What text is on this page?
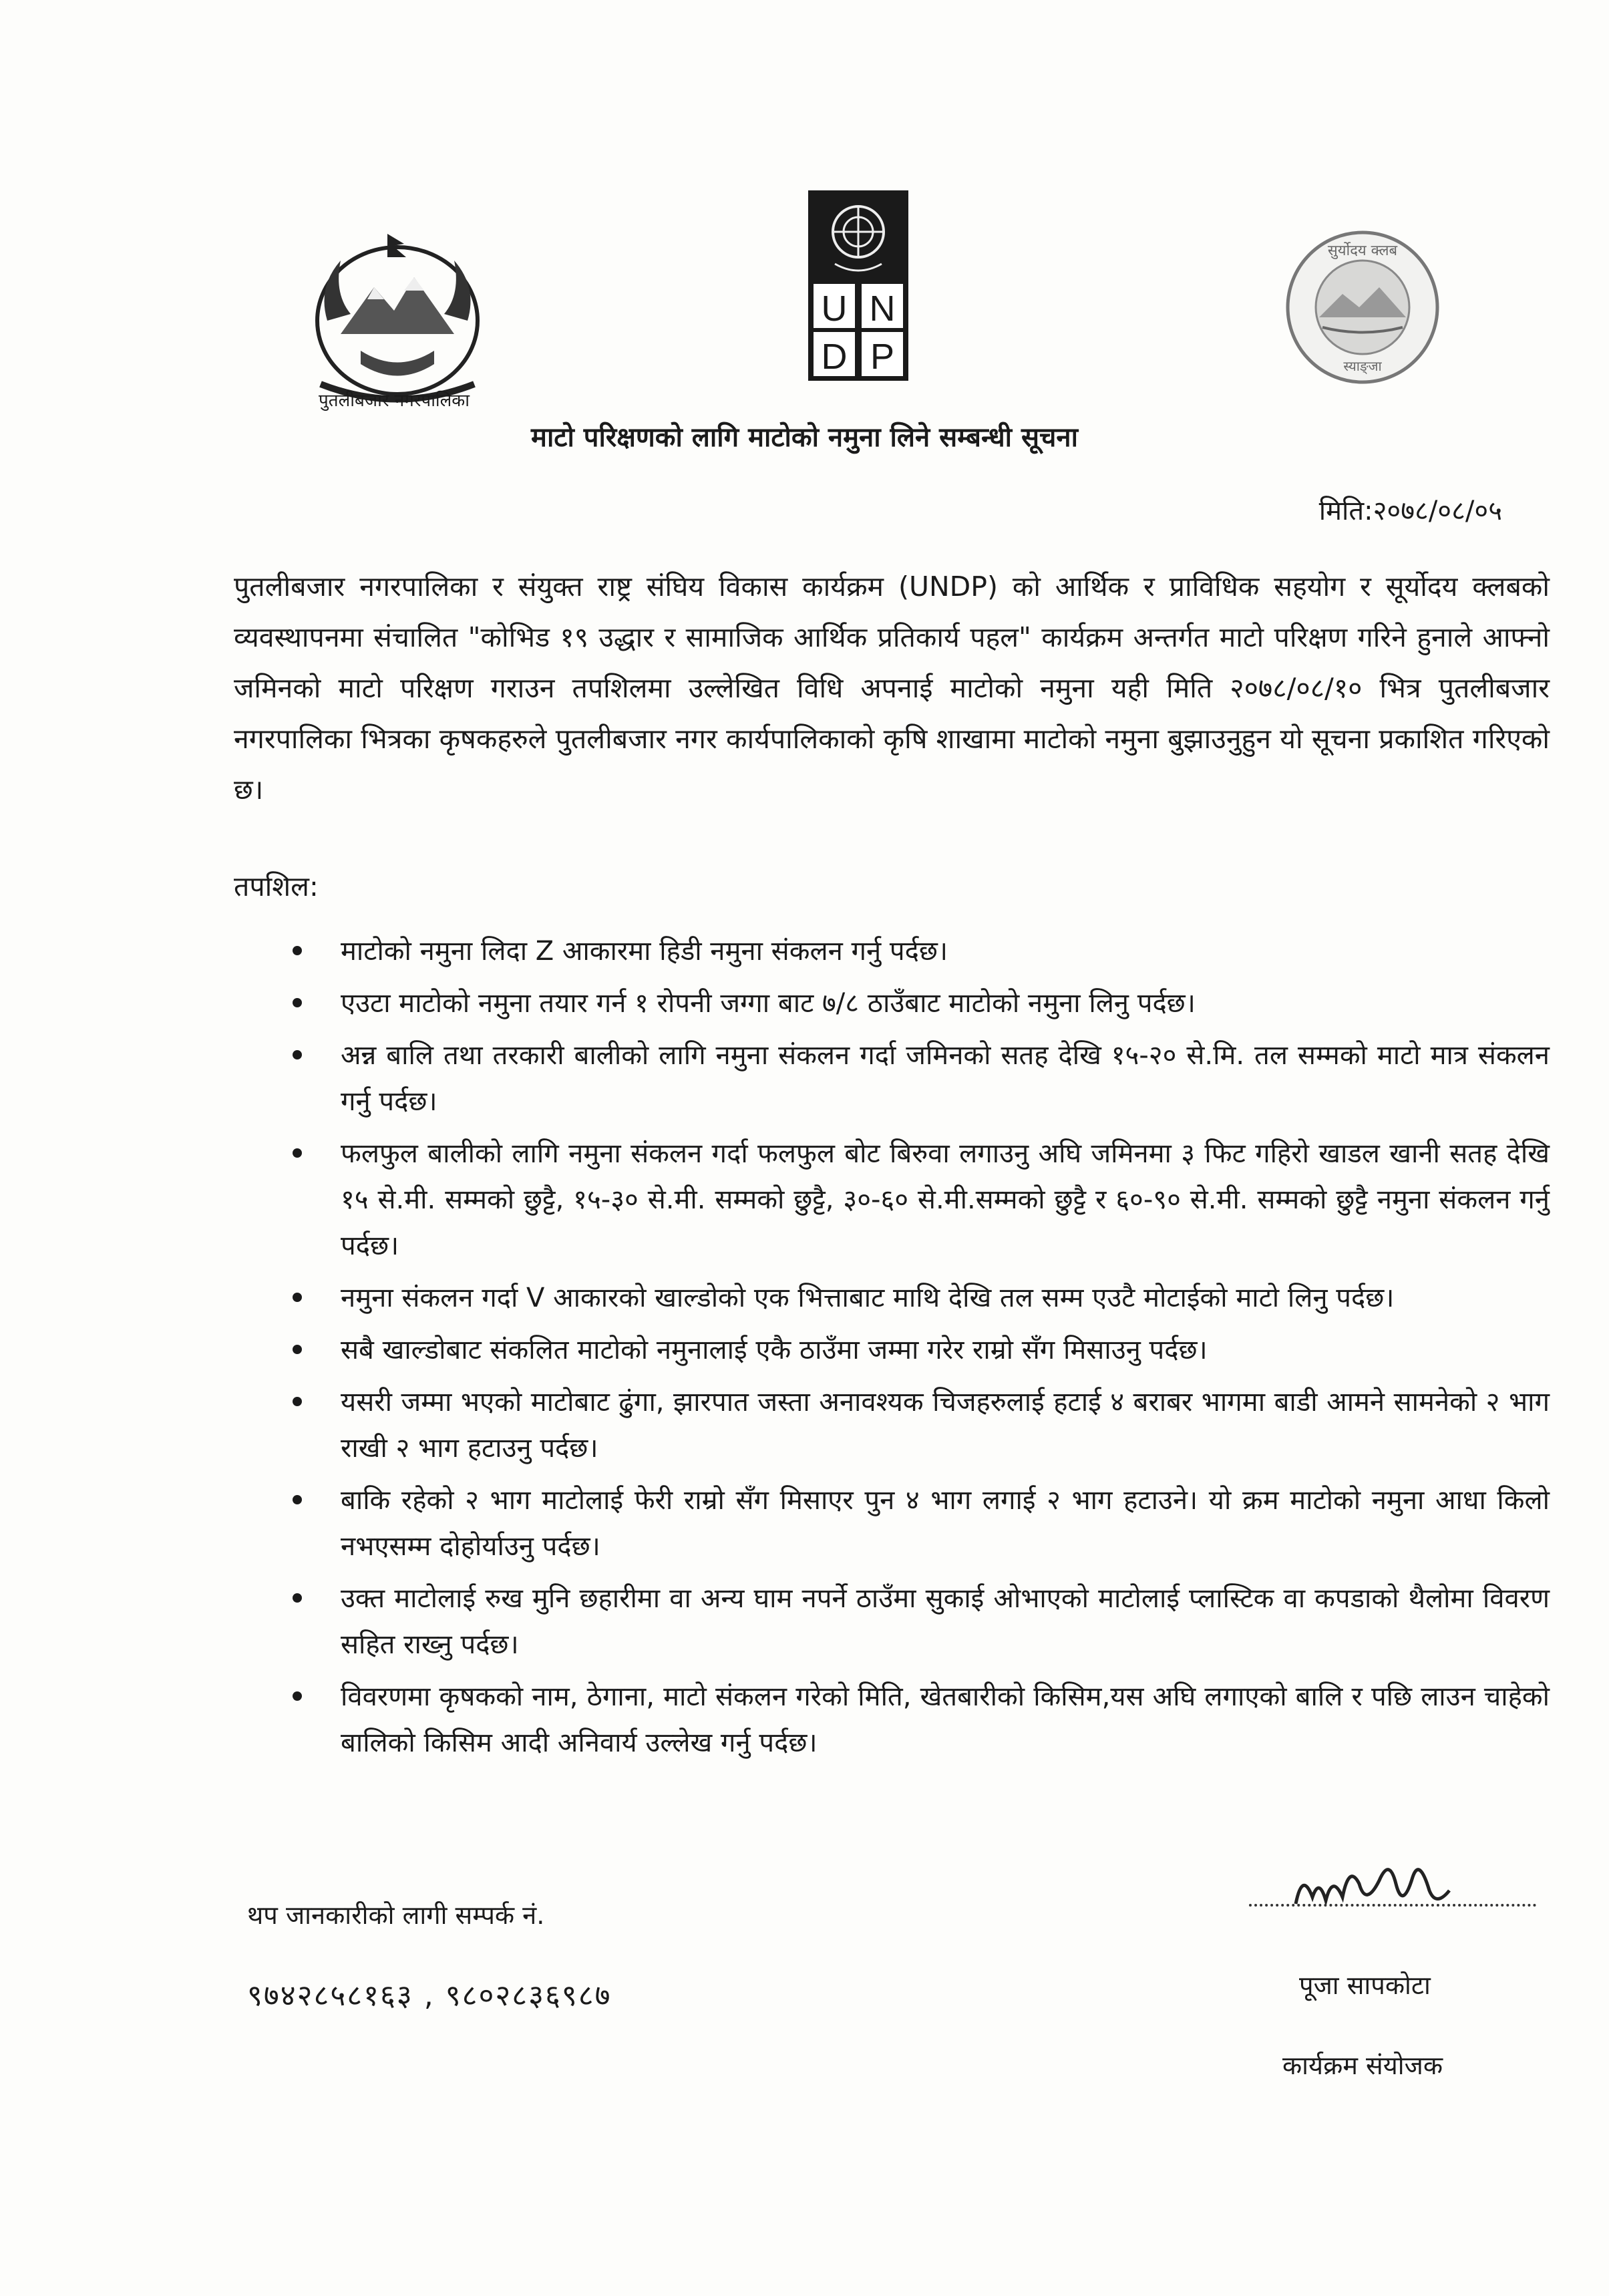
पुतलीबजार नगरपालिका
U N
D P
सुर्योदय क्लब
स्याङ्जा
माटो परिक्षणको लागि माटोको नमुना लिने सम्बन्धी सूचना
मिति:२०७८/०८/०५
पुतलीबजार नगरपालिका र संयुक्त राष्ट्र संघिय विकास कार्यक्रम (UNDP) को आर्थिक र प्राविधिक सहयोग र सूर्योदय क्लबको व्यवस्थापनमा संचालित "कोभिड १९ उद्धार र सामाजिक आर्थिक प्रतिकार्य पहल" कार्यक्रम अन्तर्गत माटो परिक्षण गरिने हुनाले आफ्नो जमिनको माटो परिक्षण गराउन तपशिलमा उल्लेखित विधि अपनाई माटोको नमुना यही मिति २०७८/०८/१० भित्र पुतलीबजार नगरपालिका भित्रका कृषकहरुले पुतलीबजार नगर कार्यपालिकाको कृषि शाखामा माटोको नमुना बुझाउनुहुन यो सूचना प्रकाशित गरिएको छ।
तपशिल:
माटोको नमुना लिदा Z आकारमा हिडी नमुना संकलन गर्नु पर्दछ।
एउटा माटोको नमुना तयार गर्न १ रोपनी जग्गा बाट ७/८ ठाउँबाट माटोको नमुना लिनु पर्दछ।
अन्न बालि तथा तरकारी बालीको लागि नमुना संकलन गर्दा जमिनको सतह देखि १५-२० से.मि. तल सम्मको माटो मात्र संकलन गर्नु पर्दछ।
फलफुल बालीको लागि नमुना संकलन गर्दा फलफुल बोट बिरुवा लगाउनु अघि जमिनमा ३ फिट गहिरो खाडल खानी सतह देखि १५ से.मी. सम्मको छुट्टै, १५-३० से.मी. सम्मको छुट्टै, ३०-६० से.मी.सम्मको छुट्टै र ६०-९० से.मी. सम्मको छुट्टै नमुना संकलन गर्नु पर्दछ।
नमुना संकलन गर्दा V आकारको खाल्डोको एक भित्ताबाट माथि देखि तल सम्म एउटै मोटाईको माटो लिनु पर्दछ।
सबै खाल्डोबाट संकलित माटोको नमुनालाई एकै ठाउँमा जम्मा गरेर राम्रो सँग मिसाउनु पर्दछ।
यसरी जम्मा भएको माटोबाट ढुंगा, झारपात जस्ता अनावश्यक चिजहरुलाई हटाई ४ बराबर भागमा बाडी आमने सामनेको २ भाग राखी २ भाग हटाउनु पर्दछ।
बाकि रहेको २ भाग माटोलाई फेरी राम्रो सँग मिसाएर पुन ४ भाग लगाई २ भाग हटाउने। यो क्रम माटोको नमुना आधा किलो नभएसम्म दोहोर्याउनु पर्दछ।
उक्त माटोलाई रुख मुनि छहारीमा वा अन्य घाम नपर्ने ठाउँमा सुकाई ओभाएको माटोलाई प्लास्टिक वा कपडाको थैलोमा विवरण सहित राख्नु पर्दछ।
विवरणमा कृषकको नाम, ठेगाना, माटो संकलन गरेको मिति, खेतबारीको किसिम,यस अघि लगाएको बालि र पछि लाउन चाहेको बालिको किसिम आदी अनिवार्य उल्लेख गर्नु पर्दछ।
थप जानकारीको लागी सम्पर्क नं.
९७४२८५८१६३ , ९८०२८३६९८७	पूजा सापकोटा
कार्यक्रम संयोजक
